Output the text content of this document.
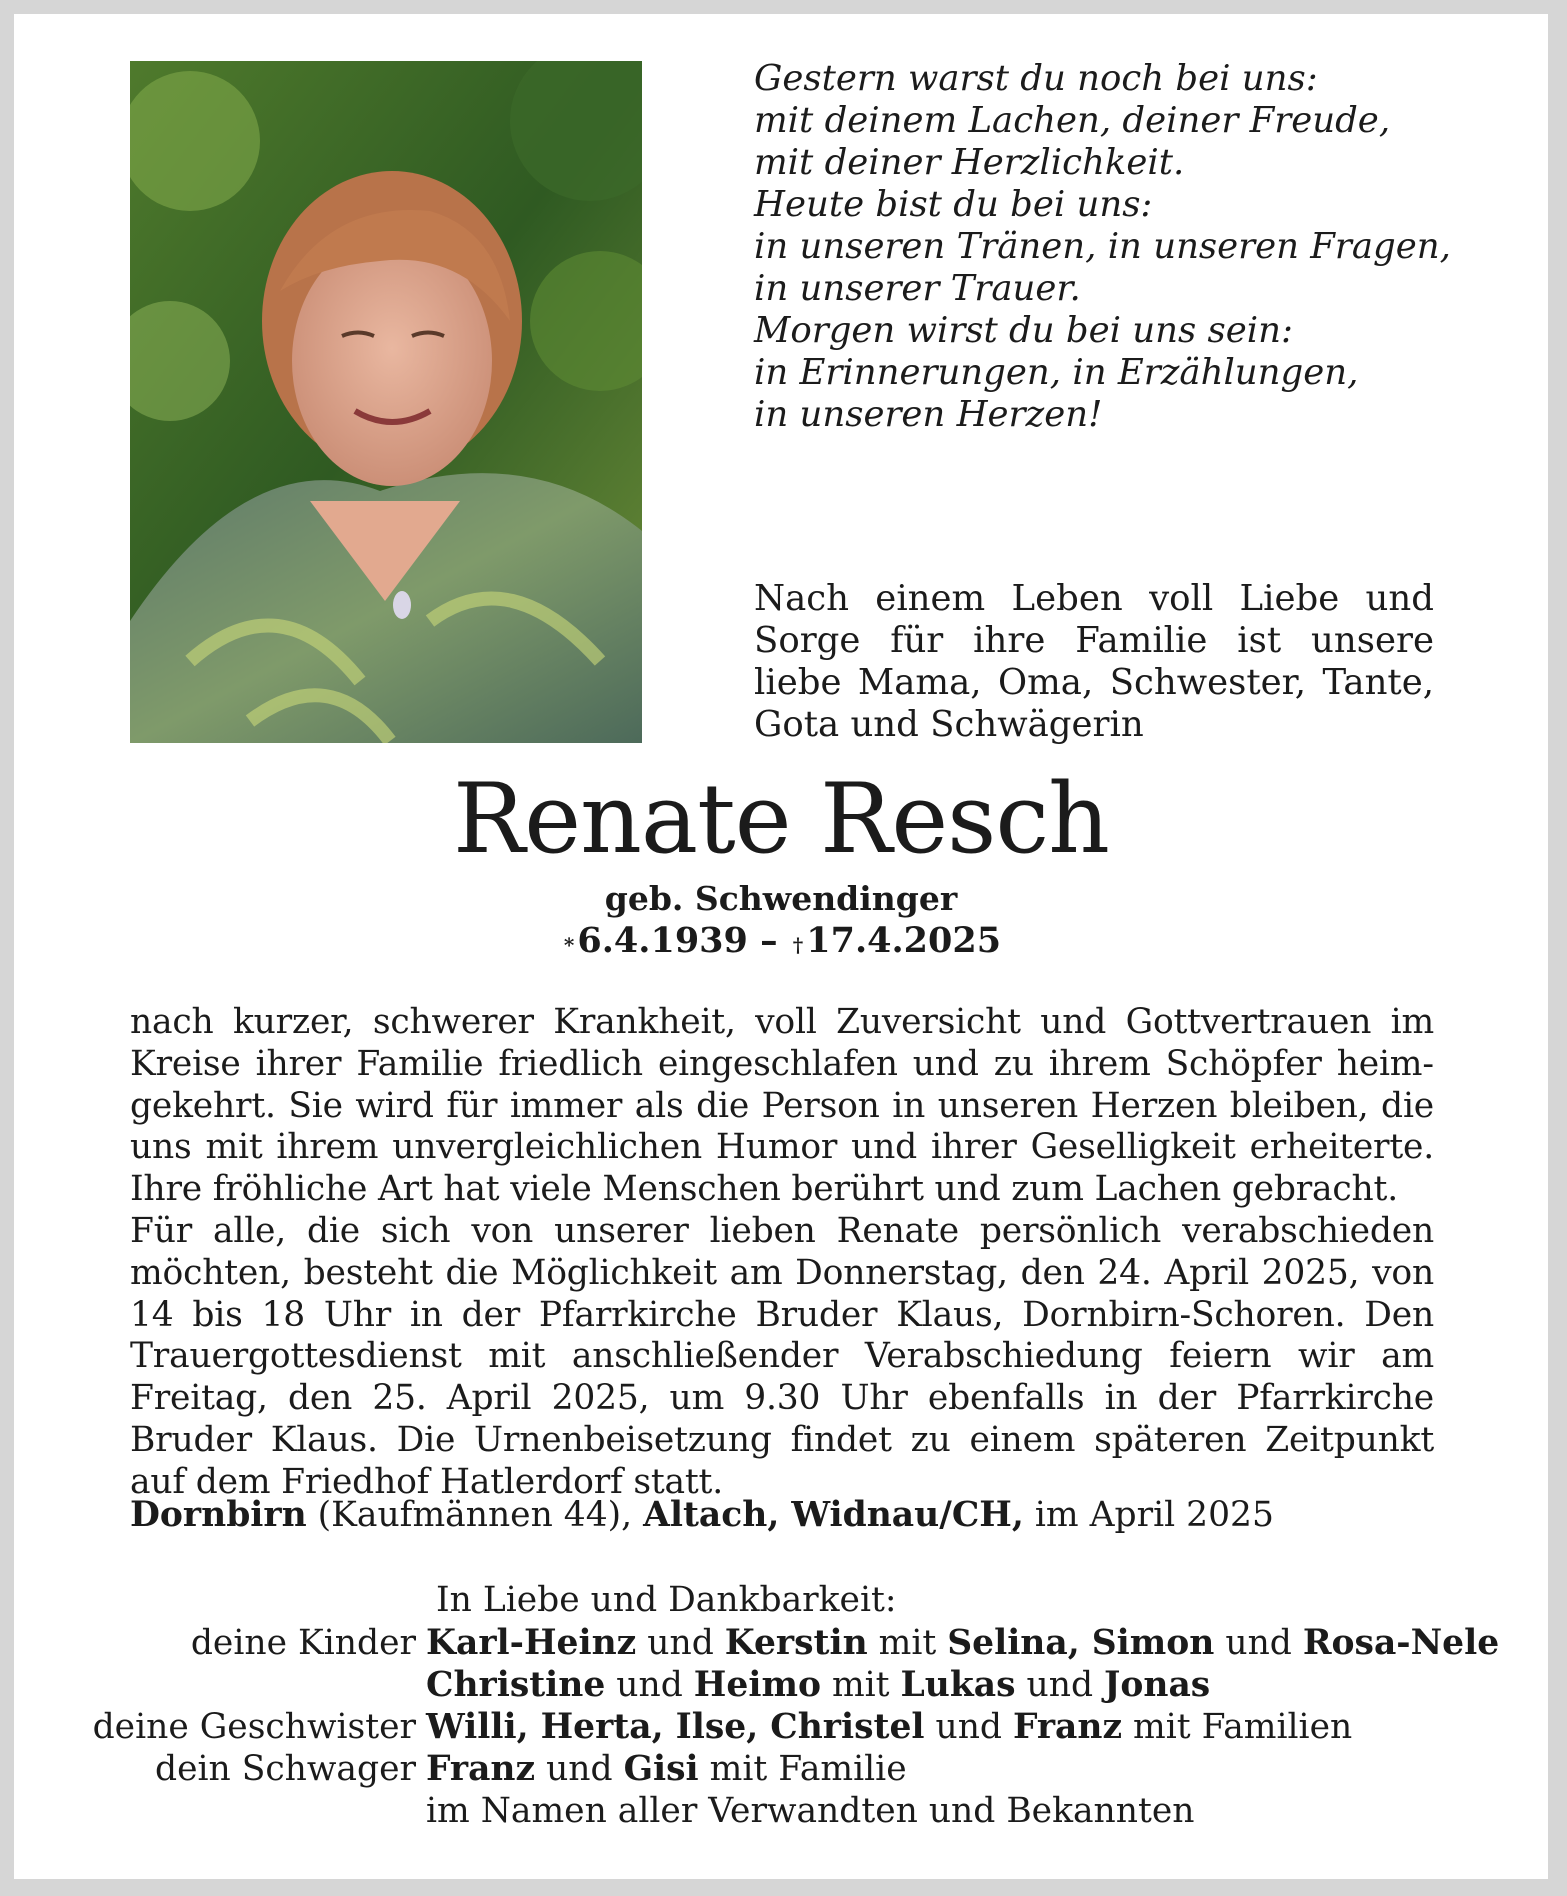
Gestern warst du noch bei uns:
mit deinem Lachen, deiner Freude,
mit deiner Herzlichkeit.
Heute bist du bei uns:
in unseren Tränen, in unseren Fragen,
in unserer Trauer.
Morgen wirst du bei uns sein:
in Erinnerungen, in Erzählungen,
in unseren Herzen!
Nach einem Leben voll Liebe und Sorge für ihre Familie ist unsere liebe Mama, Oma, Schwester, Tante, Gota und Schwägerin
Renate Resch
geb. Schwendinger
*6.4.1939 – †17.4.2025

nach kurzer, schwerer Krankheit, voll Zuversicht und Gottvertrauen im Kreise ihrer Familie friedlich eingeschlafen und zu ihrem Schöpfer heimgekehrt. Sie wird für immer als die Person in unseren Herzen bleiben, die uns mit ihrem unvergleichlichen Humor und ihrer Geselligkeit erheiterte. Ihre fröhliche Art hat viele Menschen berührt und zum Lachen gebracht.

Für alle, die sich von unserer lieben Renate persönlich verabschieden möchten, besteht die Möglichkeit am Donnerstag, den 24. April 2025, von 14 bis 18 Uhr in der Pfarrkirche Bruder Klaus, Dornbirn-Schoren. Den Trauergottesdienst mit anschließender Verabschiedung feiern wir am Freitag, den 25. April 2025, um 9.30 Uhr ebenfalls in der Pfarrkirche Bruder Klaus. Die Urnenbeisetzung findet zu einem späteren Zeitpunkt auf dem Friedhof Hatlerdorf statt.

Dornbirn (Kaufmännen 44), Altach, Widnau/CH, im April 2025
In Liebe und Dankbarkeit:
deine Kinder Karl-Heinz und Kerstin mit Selina, Simon und Rosa-Nele
Christine und Heimo mit Lukas und Jonas
deine Geschwister Willi, Herta, Ilse, Christel und Franz mit Familien
dein Schwager Franz und Gisi mit Familie
im Namen aller Verwandten und Bekannten
